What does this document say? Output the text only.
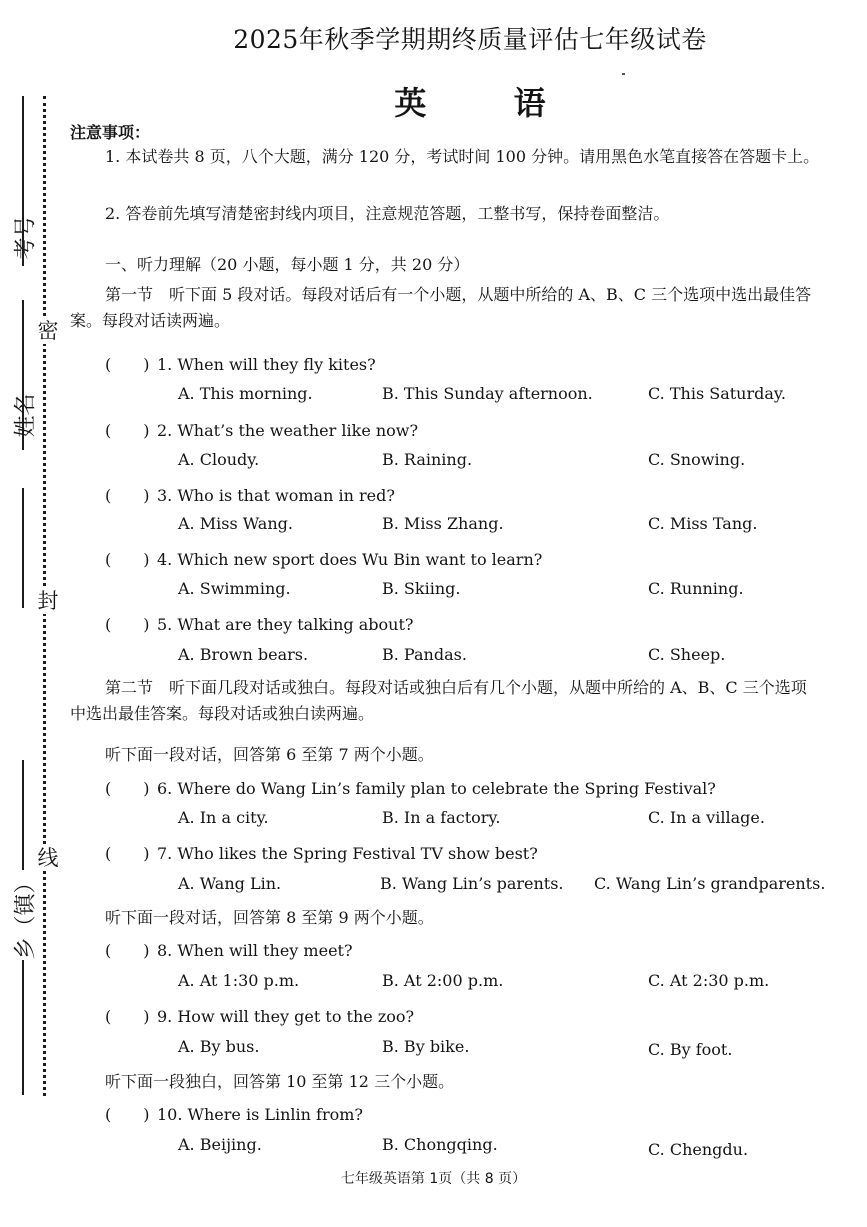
考号
姓名
乡（镇）
密
封
线
2025年秋季学期期终质量评估七年级试卷
英 语
注意事项：
1. 本试卷共 8 页，八个大题，满分 120 分，考试时间 100 分钟。请用黑色水笔直接答在答题卡上。
2. 答卷前先填写清楚密封线内项目，注意规范答题，工整书写，保持卷面整洁。
一、听力理解（20 小题，每小题 1 分，共 20 分）
第一节　听下面 5 段对话。每段对话后有一个小题，从题中所给的 A、B、C 三个选项中选出最佳答案。每段对话读两遍。
(　　) 1. When will they fly kites?
A. This morning.	B. This Sunday afternoon.	C. This Saturday.
(　　) 2. What’s the weather like now?
A. Cloudy.	B. Raining.	C. Snowing.
(　　) 3. Who is that woman in red?
A. Miss Wang.	B. Miss Zhang.	C. Miss Tang.
(　　) 4. Which new sport does Wu Bin want to learn?
A. Swimming.	B. Skiing.	C. Running.
(　　) 5. What are they talking about?
A. Brown bears.	B. Pandas.	C. Sheep.
第二节　听下面几段对话或独白。每段对话或独白后有几个小题，从题中所给的 A、B、C 三个选项中选出最佳答案。每段对话或独白读两遍。
听下面一段对话，回答第 6 至第 7 两个小题。
(　　) 6. Where do Wang Lin’s family plan to celebrate the Spring Festival?
A. In a city.	B. In a factory.	C. In a village.
(　　) 7. Who likes the Spring Festival TV show best?
A. Wang Lin.	B. Wang Lin’s parents. C. Wang Lin’s grandparents.
听下面一段对话，回答第 8 至第 9 两个小题。
(　　) 8. When will they meet?
A. At 1:30 p.m.	B. At 2:00 p.m.	C. At 2:30 p.m.
(　　) 9. How will they get to the zoo?
A. By bus.	B. By bike.	C. By foot.
听下面一段独白，回答第 10 至第 12 三个小题。
(　　) 10. Where is Linlin from?
A. Beijing.	B. Chongqing.	C. Chengdu.
七年级英语第 1页（共 8 页）
